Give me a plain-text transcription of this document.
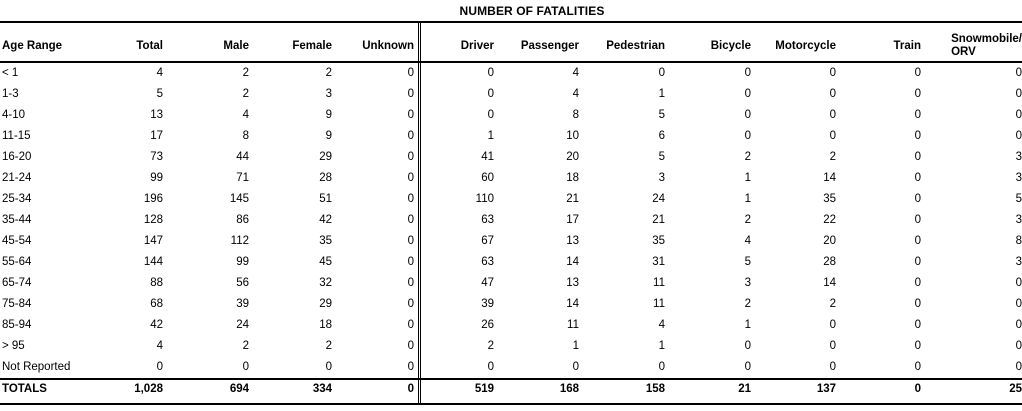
NUMBER OF FATALITIES
Age Range	Total	Male	Female	Unknown	Driver	Passenger	Pedestrian	Bicycle	Motorcycle	Train	Snowmobile/
ORV
< 1	4	2	2	0	0	4	0	0	0	0	0
1-3	5	2	3	0	0	4	1	0	0	0	0
4-10	13	4	9	0	0	8	5	0	0	0	0
11-15	17	8	9	0	1	10	6	0	0	0	0
16-20	73	44	29	0	41	20	5	2	2	0	3
21-24	99	71	28	0	60	18	3	1	14	0	3
25-34	196	145	51	0	110	21	24	1	35	0	5
35-44	128	86	42	0	63	17	21	2	22	0	3
45-54	147	112	35	0	67	13	35	4	20	0	8
55-64	144	99	45	0	63	14	31	5	28	0	3
65-74	88	56	32	0	47	13	11	3	14	0	0
75-84	68	39	29	0	39	14	11	2	2	0	0
85-94	42	24	18	0	26	11	4	1	0	0	0
> 95	4	2	2	0	2	1	1	0	0	0	0
Not Reported	0	0	0	0	0	0	0	0	0	0	0
TOTALS	1,028	694	334	0	519	168	158	21	137	0	25
